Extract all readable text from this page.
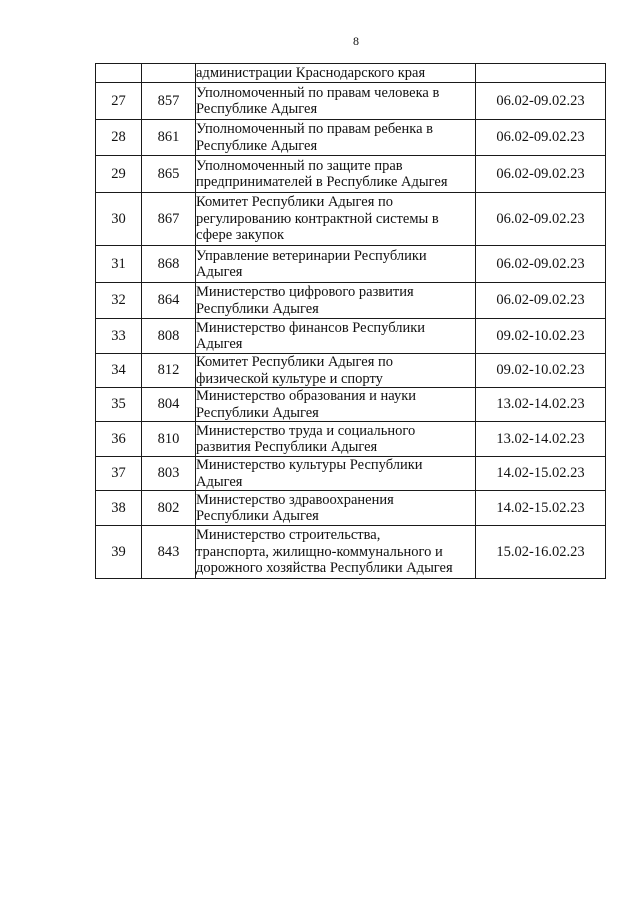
8

		администрации Краснодарского края	

27	857	Уполномоченный по правам человека в
Республике Адыгея	06.02-09.02.23
28	861	Уполномоченный по правам ребенка в
Республике Адыгея	06.02-09.02.23
29	865	Уполномоченный по защите прав
предпринимателей в Республике Адыгея	06.02-09.02.23
30	867	Комитет Республики Адыгея по
регулированию контрактной системы в
сфере закупок	06.02-09.02.23
31	868	Управление ветеринарии Республики
Адыгея	06.02-09.02.23
32	864	Министерство цифрового развития
Республики Адыгея	06.02-09.02.23
33	808	Министерство финансов Республики
Адыгея	09.02-10.02.23
34	812	Комитет Республики Адыгея по
физической культуре и спорту	09.02-10.02.23
35	804	Министерство образования и науки
Республики Адыгея	13.02-14.02.23
36	810	Министерство труда и социального
развития Республики Адыгея	13.02-14.02.23
37	803	Министерство культуры Республики
Адыгея	14.02-15.02.23
38	802	Министерство здравоохранения
Республики Адыгея	14.02-15.02.23
39	843	Министерство строительства,
транспорта, жилищно-коммунального и
дорожного хозяйства Республики Адыгея	15.02-16.02.23
